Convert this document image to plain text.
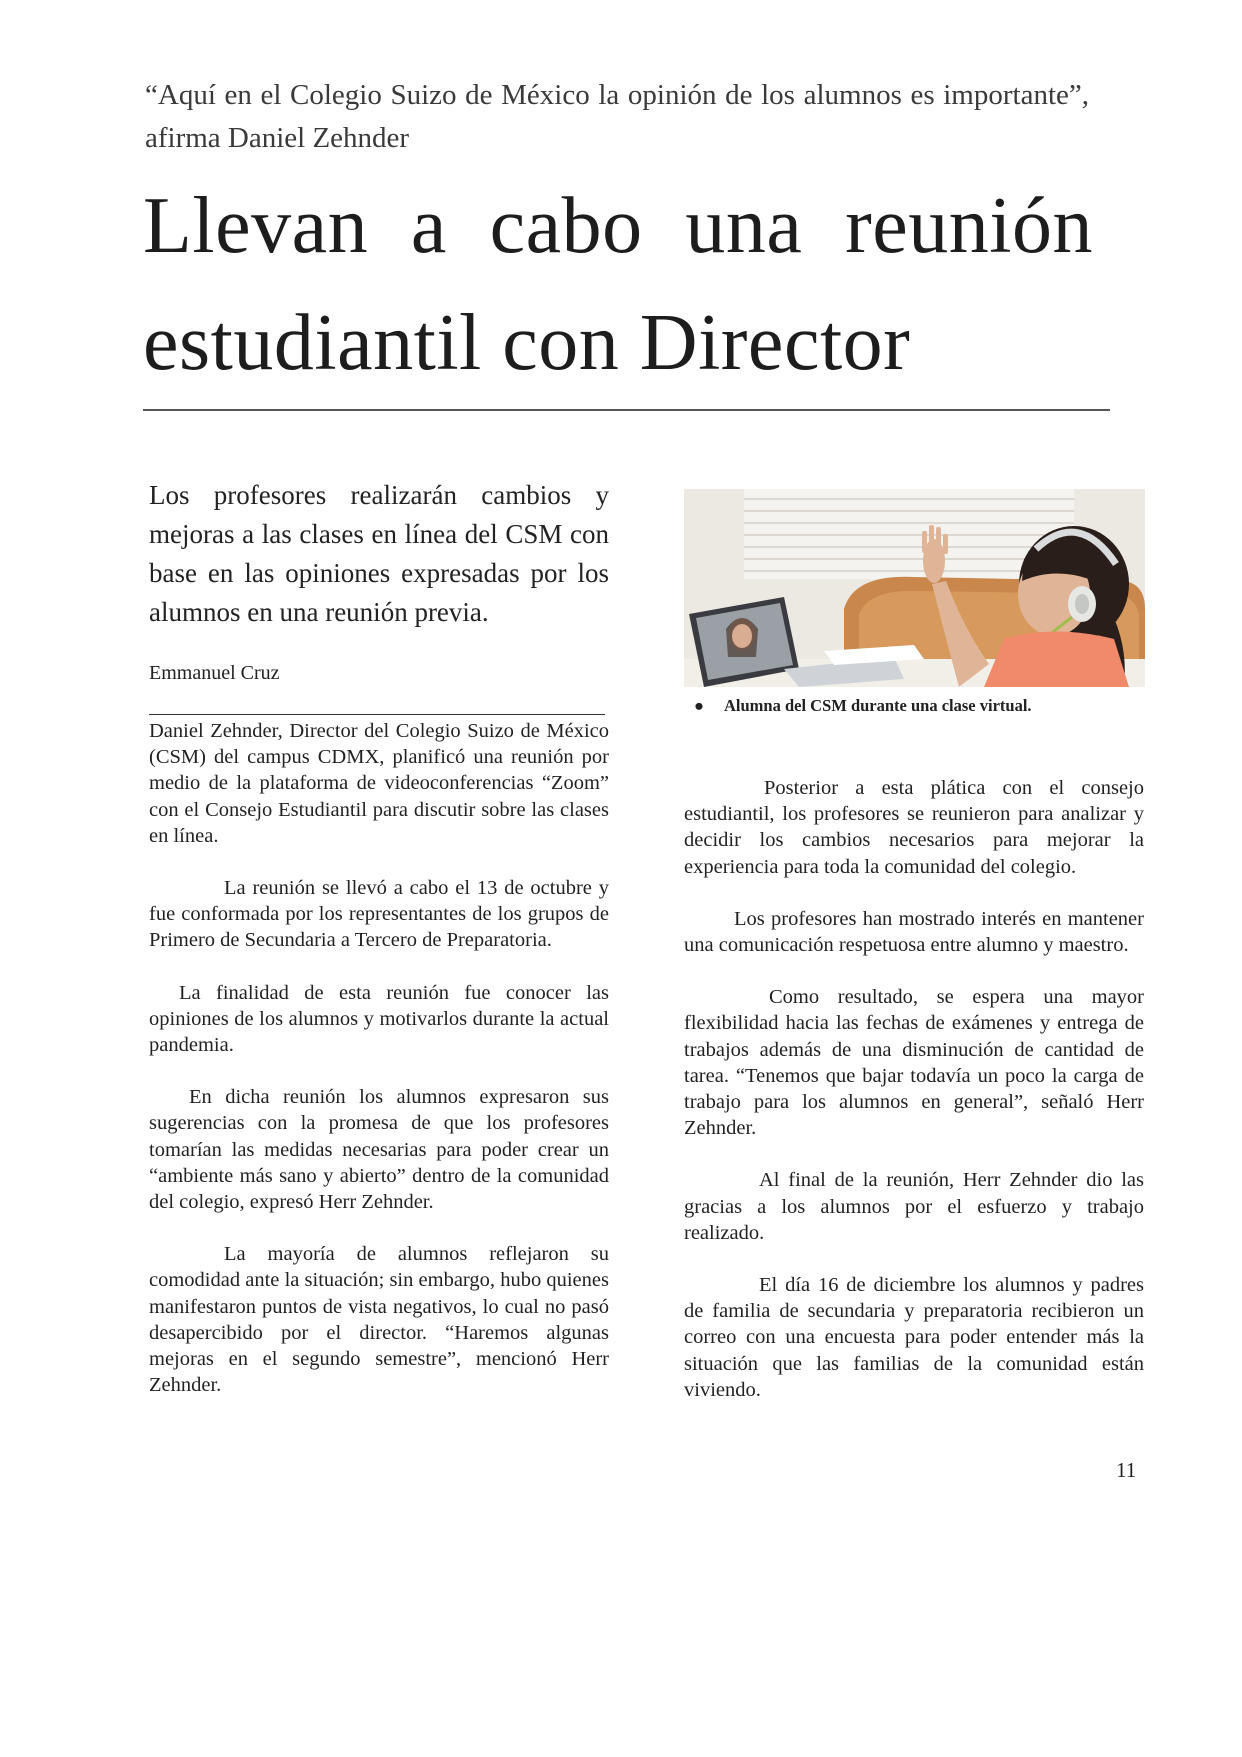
“Aquí en el Colegio Suizo de México la opinión de los alumnos es importante”, afirma Daniel Zehnder
Llevan a cabo una reunión estudiantil con Director
Los profesores realizarán cambios y mejoras a las clases en línea del CSM con base en las opiniones expresadas por los alumnos en una reunión previa.
Emmanuel Cruz

Daniel Zehnder, Director del Colegio Suizo de México (CSM) del campus CDMX, planificó una reunión por medio de la plataforma de videoconferencias “Zoom” con el Consejo Estudiantil para discutir sobre las clases en línea.

La reunión se llevó a cabo el 13 de octubre y fue conformada por los representantes de los grupos de Primero de Secundaria a Tercero de Preparatoria.

La finalidad de esta reunión fue conocer las opiniones de los alumnos y motivarlos durante la actual pandemia.

En dicha reunión los alumnos expresaron sus sugerencias con la promesa de que los profesores tomarían las medidas necesarias para poder crear un “ambiente más sano y abierto” dentro de la comunidad del colegio, expresó Herr Zehnder.

La mayoría de alumnos reflejaron su comodidad ante la situación; sin embargo, hubo quienes manifestaron puntos de vista negativos, lo cual no pasó desapercibido por el director. “Haremos algunas mejoras en el segundo semestre”, mencionó Herr Zehnder.

● Alumna del CSM durante una clase virtual.

Posterior a esta plática con el consejo estudiantil, los profesores se reunieron para analizar y decidir los cambios necesarios para mejorar la experiencia para toda la comunidad del colegio.

Los profesores han mostrado interés en mantener una comunicación respetuosa entre alumno y maestro.

Como resultado, se espera una mayor flexibilidad hacia las fechas de exámenes y entrega de trabajos además de una disminución de cantidad de tarea. “Tenemos que bajar todavía un poco la carga de trabajo para los alumnos en general”, señaló Herr Zehnder.

Al final de la reunión, Herr Zehnder dio las gracias a los alumnos por el esfuerzo y trabajo realizado.

El día 16 de diciembre los alumnos y padres de familia de secundaria y preparatoria recibieron un correo con una encuesta para poder entender más la situación que las familias de la comunidad están viviendo.

11
